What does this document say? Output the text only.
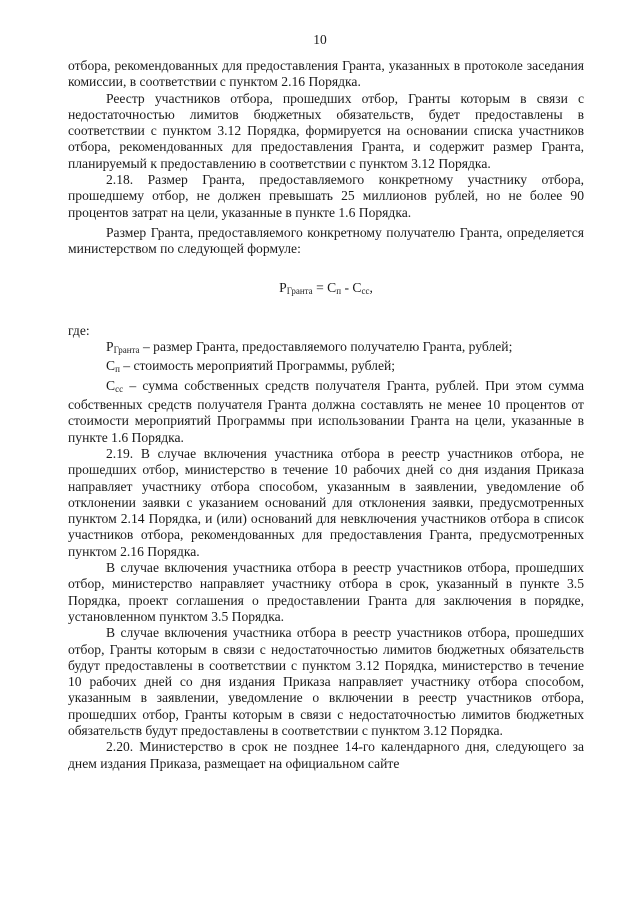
10

отбора, рекомендованных для предоставления Гранта, указанных в протоколе заседания комиссии, в соответствии с пунктом 2.16 Порядка.

Реестр участников отбора, прошедших отбор, Гранты которым в связи с недостаточностью лимитов бюджетных обязательств, будет предоставлены в соответствии с пунктом 3.12 Порядка, формируется на основании списка участников отбора, рекомендованных для предоставления Гранта, и содержит размер Гранта, планируемый к предоставлению в соответствии с пунктом 3.12 Порядка.

2.18. Размер Гранта, предоставляемого конкретному участнику отбора, прошедшему отбор, не должен превышать 25 миллионов рублей, но не более 90 процентов затрат на цели, указанные в пункте 1.6 Порядка.

Размер Гранта, предоставляемого конкретному получателю Гранта, определяется министерством по следующей формуле:

$P_{Гранта} = C_п - C_{сс}$,

где:

$P_{Гранта}$ – размер Гранта, предоставляемого получателю Гранта, рублей;

$C_п$ – стоимость мероприятий Программы, рублей;

$C_{сс}$ – сумма собственных средств получателя Гранта, рублей. При этом сумма собственных средств получателя Гранта должна составлять не менее 10 процентов от стоимости мероприятий Программы при использовании Гранта на цели, указанные в пункте 1.6 Порядка.

2.19. В случае включения участника отбора в реестр участников отбора, не прошедших отбор, министерство в течение 10 рабочих дней со дня издания Приказа направляет участнику отбора способом, указанным в заявлении, уведомление об отклонении заявки с указанием оснований для отклонения заявки, предусмотренных пунктом 2.14 Порядка, и (или) оснований для невключения участников отбора в список участников отбора, рекомендованных для предоставления Гранта, предусмотренных пунктом 2.16 Порядка.

В случае включения участника отбора в реестр участников отбора, прошедших отбор, министерство направляет участнику отбора в срок, указанный в пункте 3.5 Порядка, проект соглашения о предоставлении Гранта для заключения в порядке, установленном пунктом 3.5 Порядка.

В случае включения участника отбора в реестр участников отбора, прошедших отбор, Гранты которым в связи с недостаточностью лимитов бюджетных обязательств будут предоставлены в соответствии с пунктом 3.12 Порядка, министерство в течение 10 рабочих дней со дня издания Приказа направляет участнику отбора способом, указанным в заявлении, уведомление о включении в реестр участников отбора, прошедших отбор, Гранты которым в связи с недостаточностью лимитов бюджетных обязательств будут предоставлены в соответствии с пунктом 3.12 Порядка.

2.20. Министерство в срок не позднее 14-го календарного дня, следующего за днем издания Приказа, размещает на официальном сайте
